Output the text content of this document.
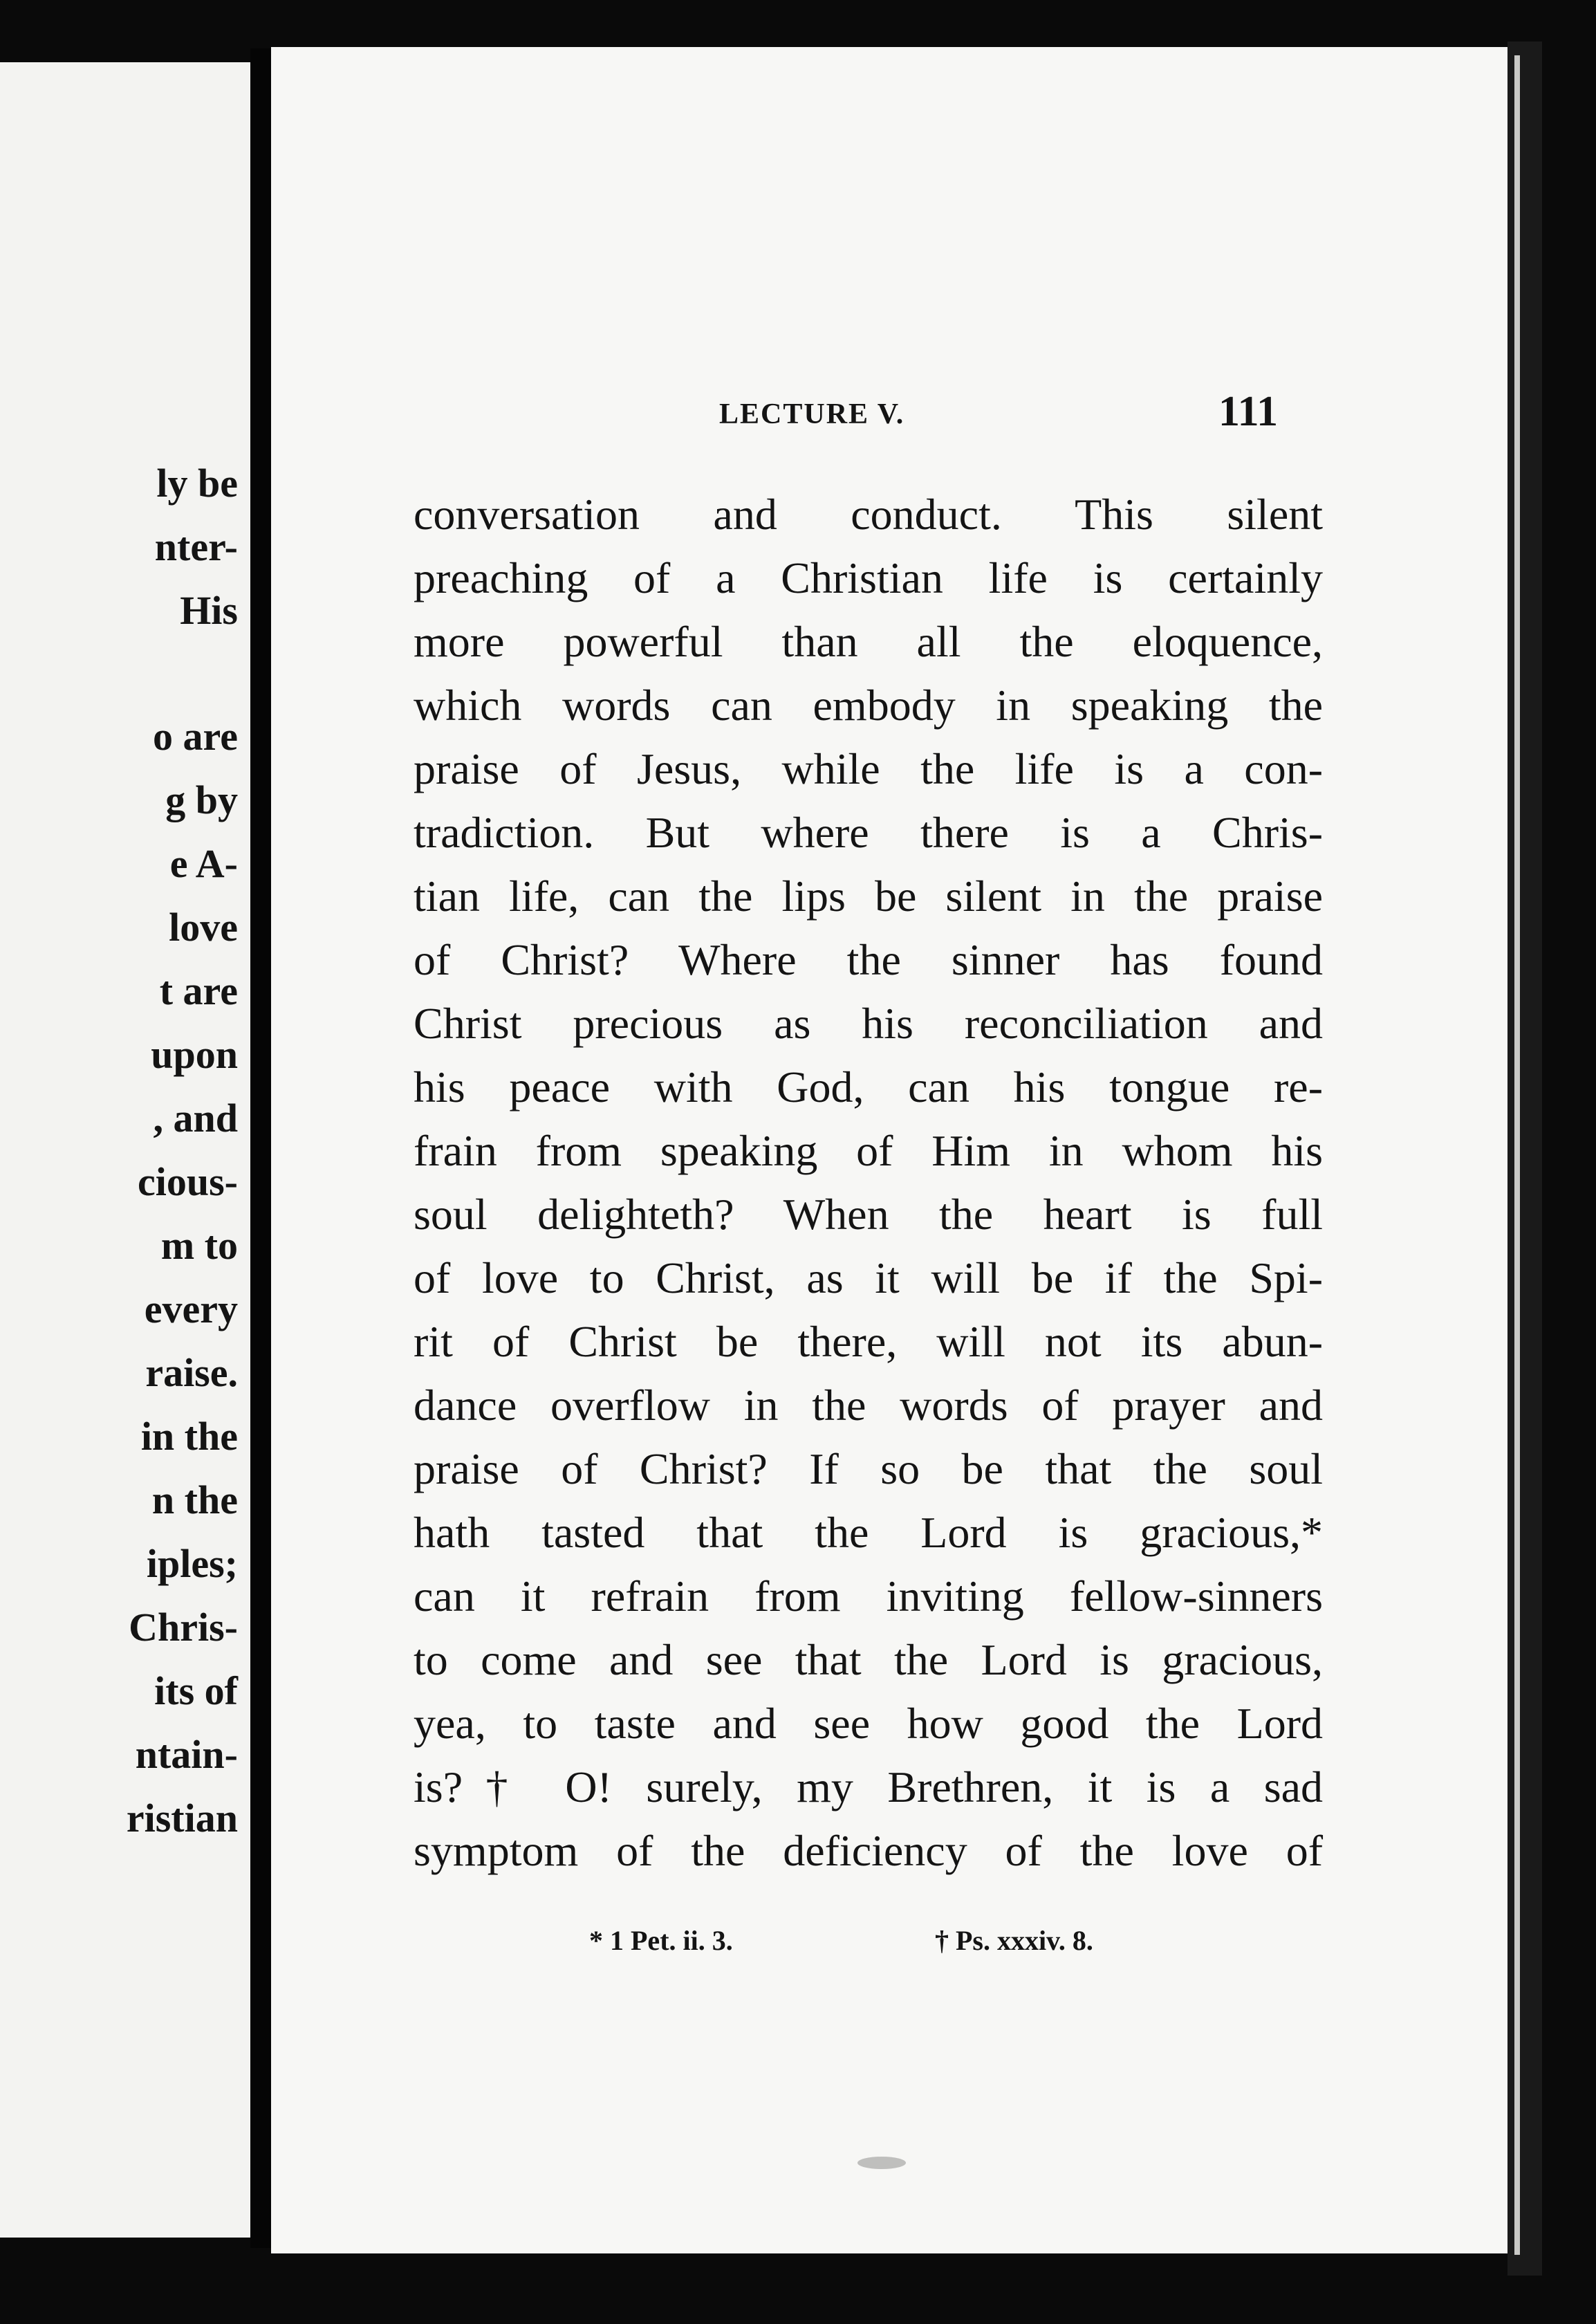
ly be
nter-
His
o are
g by
e A-
love
t are
upon
, and
cious-
m to
every
raise.
in the
n the
iples;
Chris-
its of
ntain-
ristian
LECTURE V.	111
conversation and conduct. This silent
preaching of a Christian life is certainly
more powerful than all the eloquence,
which words can embody in speaking the
praise of Jesus, while the life is a con-
tradiction. But where there is a Chris-
tian life, can the lips be silent in the praise
of Christ? Where the sinner has found
Christ precious as his reconciliation and
his peace with God, can his tongue re-
frain from speaking of Him in whom his
soul delighteth? When the heart is full
of love to Christ, as it will be if the Spi-
rit of Christ be there, will not its abun-
dance overflow in the words of prayer and
praise of Christ? If so be that the soul
hath tasted that the Lord is gracious,*
can it refrain from inviting fellow-sinners
to come and see that the Lord is gracious,
yea, to taste and see how good the Lord
is?† O! surely, my Brethren, it is a sad
symptom of the deficiency of the love of
* 1 Pet. ii. 3.	† Ps. xxxiv. 8.
